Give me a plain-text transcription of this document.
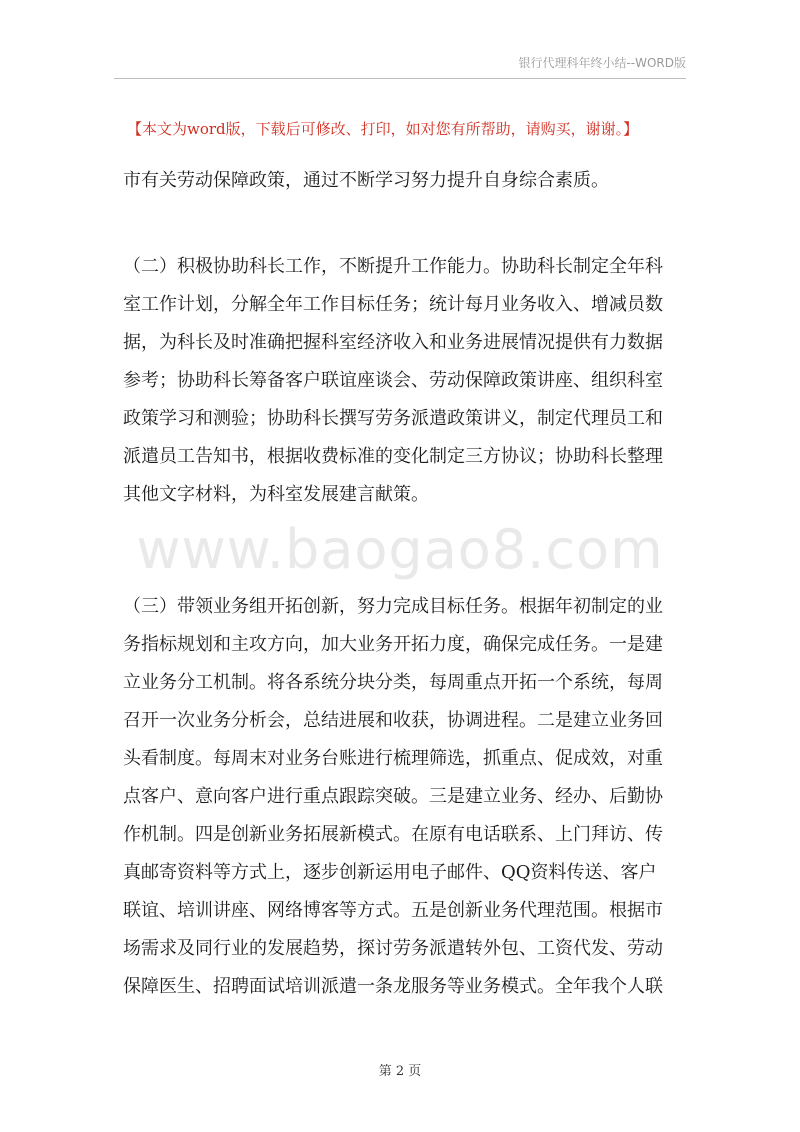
银行代理科年终小结--WORD版
【本文为word版，下载后可修改、打印，如对您有所帮助，请购买，谢谢。】
www.baogao8.com
市有关劳动保障政策，通过不断学习努力提升自身综合素质。
（二）积极协助科长工作，不断提升工作能力。协助科长制定全年科
室工作计划，分解全年工作目标任务；统计每月业务收入、增减员数
据，为科长及时准确把握科室经济收入和业务进展情况提供有力数据
参考；协助科长筹备客户联谊座谈会、劳动保障政策讲座、组织科室
政策学习和测验；协助科长撰写劳务派遣政策讲义，制定代理员工和
派遣员工告知书，根据收费标准的变化制定三方协议；协助科长整理
其他文字材料，为科室发展建言献策。
（三）带领业务组开拓创新，努力完成目标任务。根据年初制定的业
务指标规划和主攻方向，加大业务开拓力度，确保完成任务。一是建
立业务分工机制。将各系统分块分类，每周重点开拓一个系统，每周
召开一次业务分析会，总结进展和收获，协调进程。二是建立业务回
头看制度。每周末对业务台账进行梳理筛选，抓重点、促成效，对重
点客户、意向客户进行重点跟踪突破。三是建立业务、经办、后勤协
作机制。四是创新业务拓展新模式。在原有电话联系、上门拜访、传
真邮寄资料等方式上，逐步创新运用电子邮件、QQ资料传送、客户
联谊、培训讲座、网络博客等方式。五是创新业务代理范围。根据市
场需求及同行业的发展趋势，探讨劳务派遣转外包、工资代发、劳动
保障医生、招聘面试培训派遣一条龙服务等业务模式。全年我个人联
第 2 页
